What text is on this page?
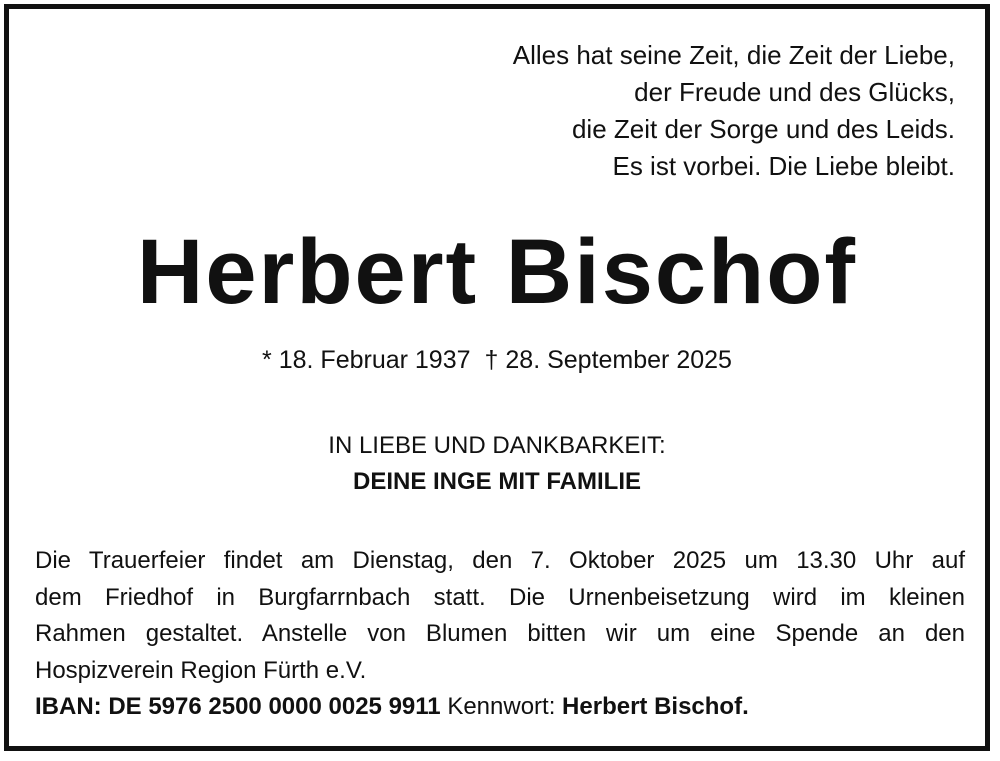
Alles hat seine Zeit, die Zeit der Liebe,
der Freude und des Glücks,
die Zeit der Sorge und des Leids.
Es ist vorbei. Die Liebe bleibt.
Herbert Bischof
* 18. Februar 1937 † 28. September 2025
IN LIEBE UND DANKBARKEIT:
DEINE INGE MIT FAMILIE
Die Trauerfeier findet am Dienstag, den 7. Oktober 2025 um 13.30 Uhr auf
dem Friedhof in Burgfarrnbach statt. Die Urnenbeisetzung wird im kleinen
Rahmen gestaltet. Anstelle von Blumen bitten wir um eine Spende an den
Hospizverein Region Fürth e.V.
IBAN: DE 5976 2500 0000 0025 9911 Kennwort: Herbert Bischof.
